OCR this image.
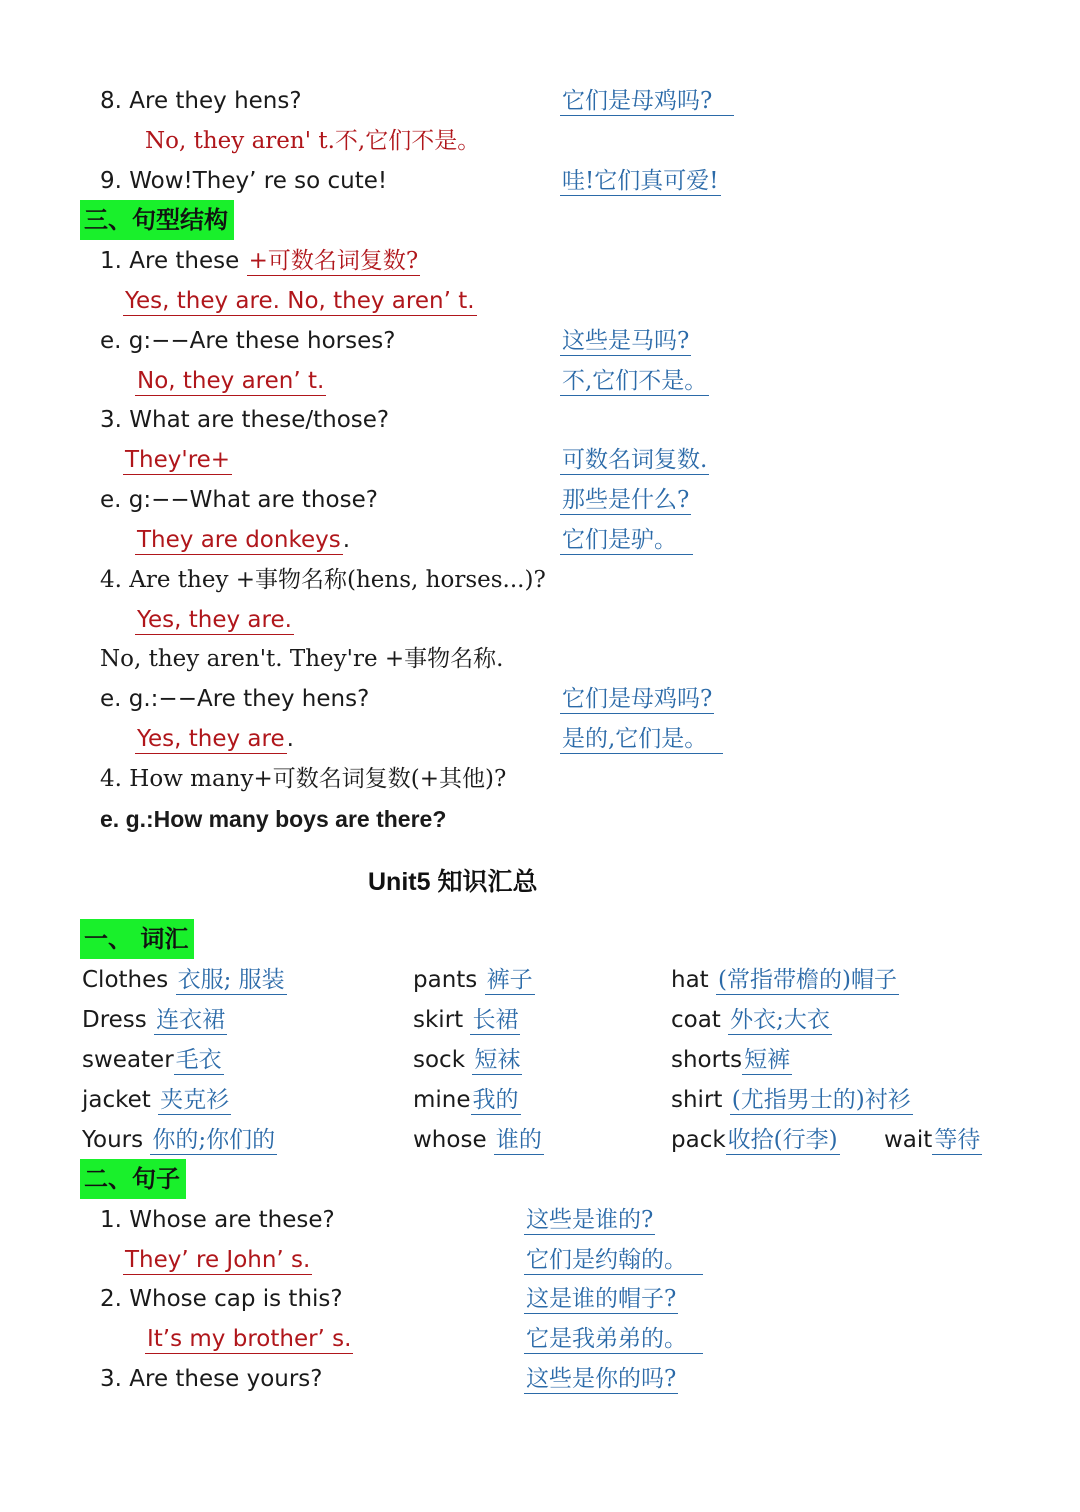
8. Are they hens?	它们是母鸡吗?
No, they aren' t.不,它们不是。
9. Wow!They’ re so cute!	哇!它们真可爱!
三、句型结构
1. Are these +可数名词复数?
Yes, they are. No, they aren’ t.
e. g:−−Are these horses?	这些是马吗?
No, they aren’ t.	不,它们不是。
3. What are these/those?
They're+	可数名词复数.
e. g:−−What are those?	那些是什么?
They are donkeys.	它们是驴。
4. Are they +事物名称(hens, horses...)?
Yes, they are.
No, they aren't. They're +事物名称.
e. g.:−−Are they hens?	它们是母鸡吗?
Yes, they are.	是的,它们是。
4. How many+可数名词复数(+其他)?
e. g.:How many boys are there?
Unit5 知识汇总
一、 词汇
Clothes 衣服; 服装	pants 裤子	hat (常指带檐的)帽子
Dress 连衣裙	skirt 长裙	coat 外衣;大衣
sweater毛衣	sock 短袜	shorts短裤
jacket 夹克衫	mine我的	shirt (尤指男士的)衬衫
Yours 你的;你们的	whose 谁的	pack收拾(行李) wait等待
二、句子
1. Whose are these?	这些是谁的?
They’ re John’ s.	它们是约翰的。
2. Whose cap is this?	这是谁的帽子?
It’s my brother’ s.	它是我弟弟的。
3. Are these yours?	这些是你的吗?
